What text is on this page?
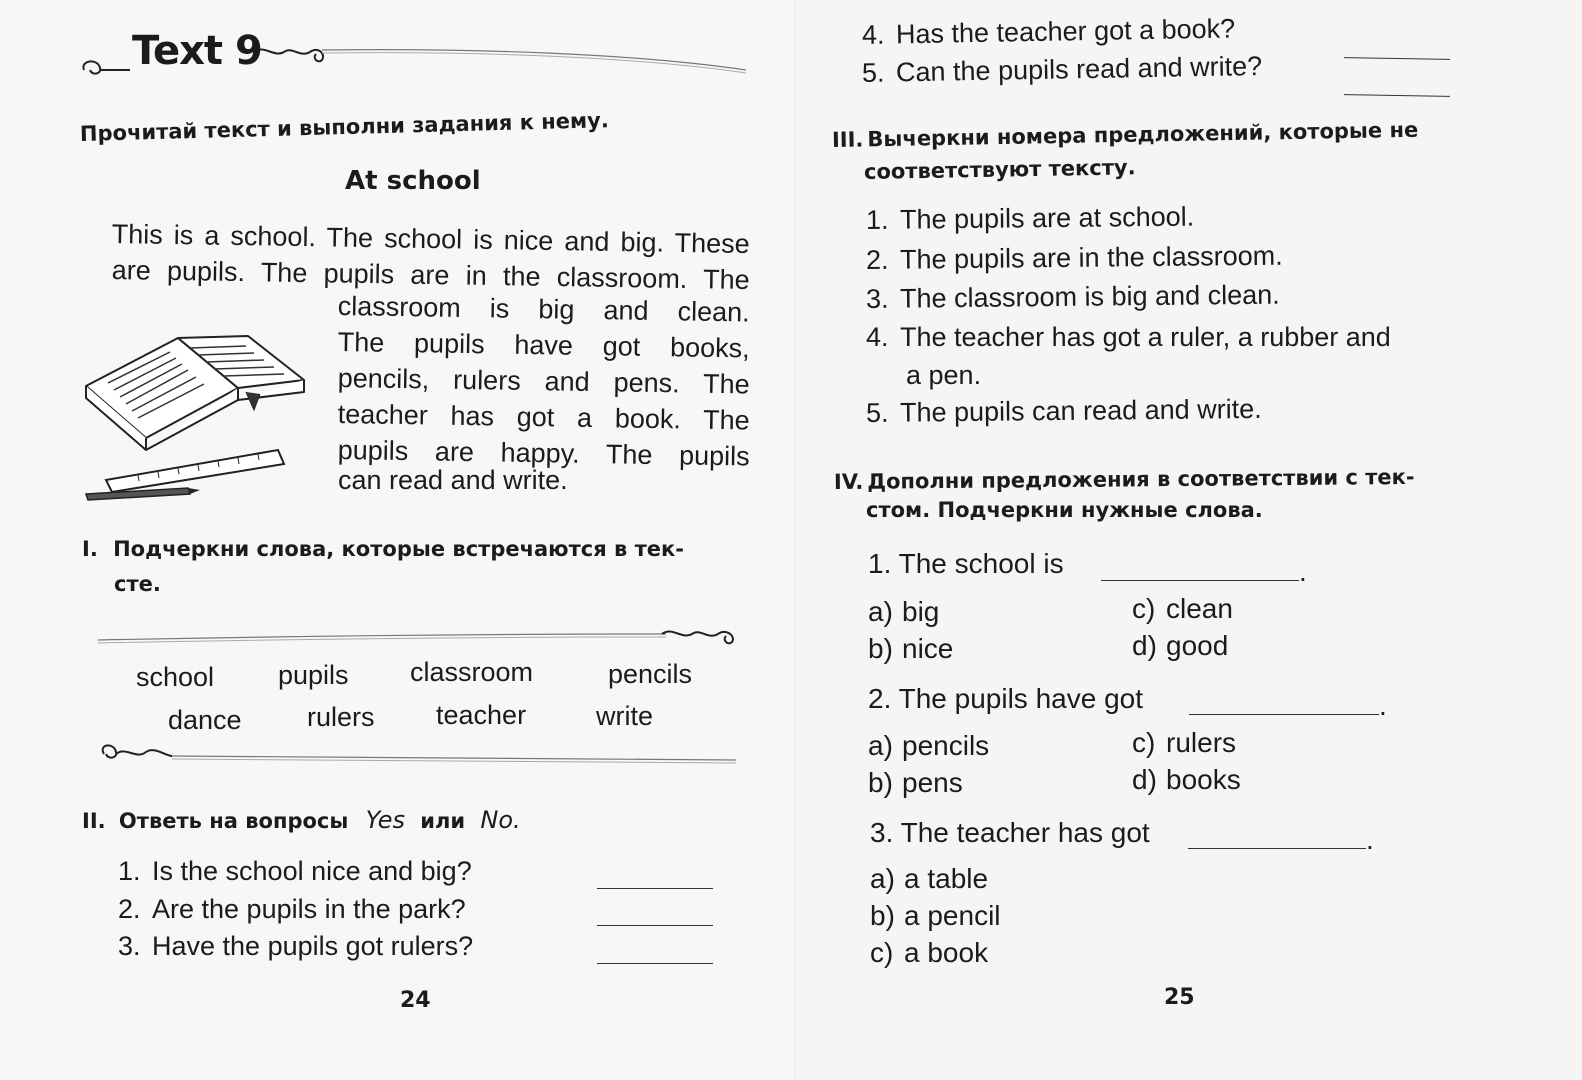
Text 9
Прочитай текст и выполни задания к нему.
At school
This is a school. The school is nice and big. These
are pupils. The pupils are in the classroom. The
classroom is big and clean.
The pupils have got books,
pencils, rulers and pens. The
teacher has got a book. The
pupils are happy. The pupils
can read and write.
I. Подчеркни слова, которые встречаются в тек-
сте.
school pupils classroom	pencils
dance rulers teacher	write
II. Ответь на вопросы Yes или No.
1. Is the school nice and big?
2. Are the pupils in the park?
3. Have the pupils got rulers?
24
4. Has the teacher got a book?
5. Can the pupils read and write?
III. Вычеркни номера предложений, которые не
соответствуют тексту.
1. The pupils are at school.
2. The pupils are in the classroom.
3. The classroom is big and clean.
4. The teacher has got a ruler, a rubber and
a pen.
5. The pupils can read and write.
IV. Дополни предложения в соответствии с тек-
стом. Подчеркни нужные слова.
1. The school is	.
a) big	c) clean
b) nice	d) good
2. The pupils have got	.
a) pencils	c) rulers
b) pens	d) books
3. The teacher has got	.
a) a table
b) a pencil
c) a book
25
